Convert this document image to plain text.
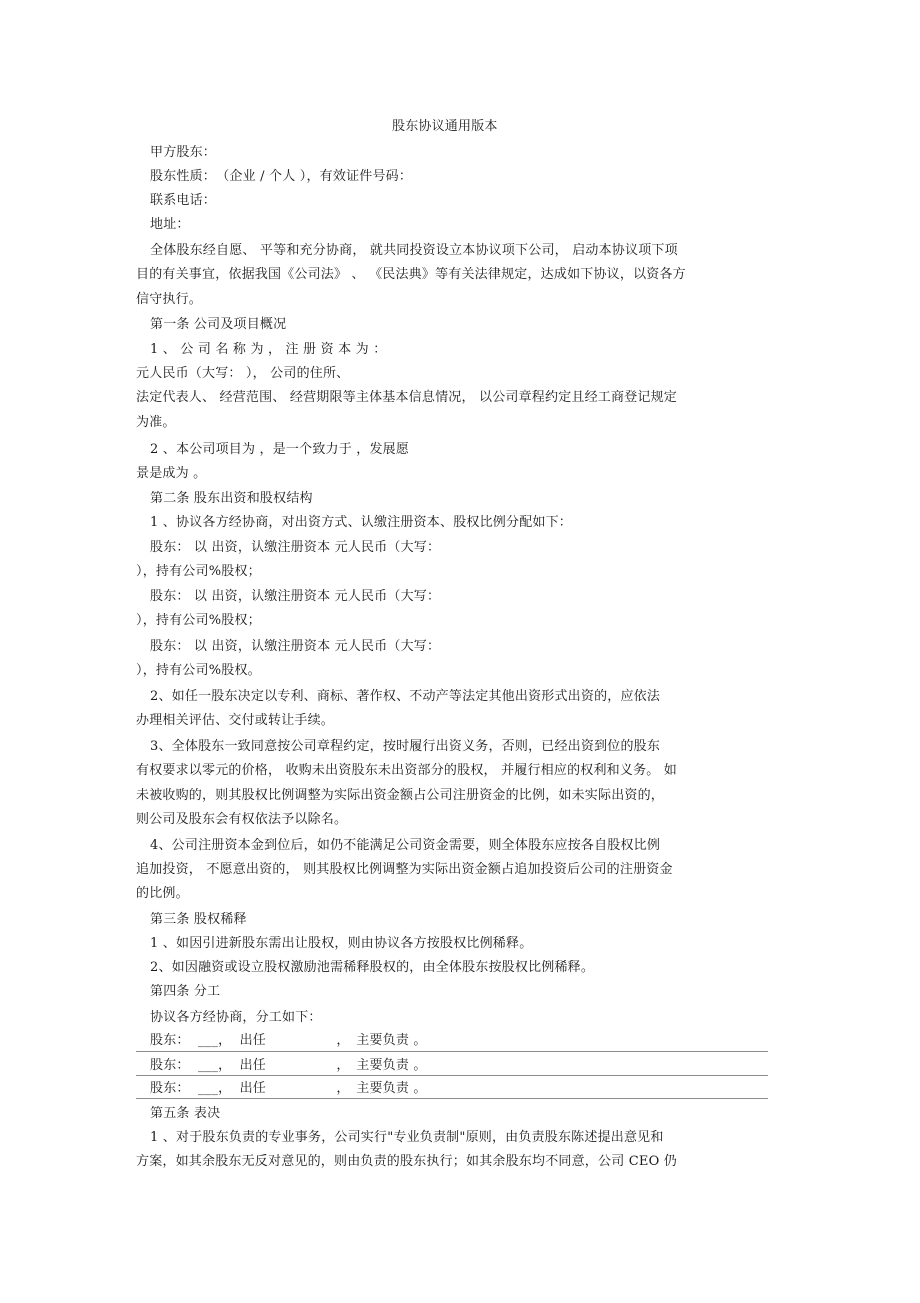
股东协议通用版本
甲方股东：
股东性质：　（企业 / 个人 ），有效证件号码：
联系电话：
地址：
全体股东经自愿、 平等和充分协商， 就共同投资设立本协议项下公司， 启动本协议项下项
目的有关事宜，依据我国《公司法》 、 《民法典》等有关法律规定，达成如下协议，以资各方
信守执行。
第一条 公司及项目概况
1 、 公 司 名 称 为 ， 注 册 资 本 为 ：
元人民币（大写： ）， 公司的住所、
法定代表人、 经营范围、 经营期限等主体基本信息情况， 以公司章程约定且经工商登记规定
为准。
2 、本公司项目为 ，是一个致力于 ，发展愿
景是成为 。
第二条 股东出资和股权结构
1 、协议各方经协商，对出资方式、认缴注册资本、股权比例分配如下：
股东： 以 出资，认缴注册资本 元人民币（大写：
），持有公司%股权；
股东： 以 出资，认缴注册资本 元人民币（大写：
），持有公司%股权；
股东： 以 出资，认缴注册资本 元人民币（大写：
），持有公司%股权。
2、如任一股东决定以专利、商标、著作权、不动产等法定其他出资形式出资的，应依法
办理相关评估、交付或转让手续。
3、全体股东一致同意按公司章程约定，按时履行出资义务，否则，已经出资到位的股东
有权要求以零元的价格， 收购未出资股东未出资部分的股权， 并履行相应的权利和义务。 如
未被收购的，则其股权比例调整为实际出资金额占公司注册资金的比例，如未实际出资的，
则公司及股东会有权依法予以除名。
4、公司注册资本金到位后，如仍不能满足公司资金需要，则全体股东应按各自股权比例
追加投资， 不愿意出资的， 则其股权比例调整为实际出资金额占追加投资后公司的注册资金
的比例。
第三条 股权稀释
1 、如因引进新股东需出让股权，则由协议各方按股权比例稀释。
2、如因融资或设立股权激励池需稀释股权的，由全体股东按股权比例稀释。
第四条 分工
协议各方经协商，分工如下：
股东： ___， 出任	，　主要负责 。
股东： ___， 出任	，　主要负责 。
股东： ___， 出任	，　主要负责 。
第五条 表决
1 、对于股东负责的专业事务，公司实行"专业负责制"原则，由负责股东陈述提出意见和
方案，如其余股东无反对意见的，则由负责的股东执行；如其余股东均不同意，公司 CEO 仍
